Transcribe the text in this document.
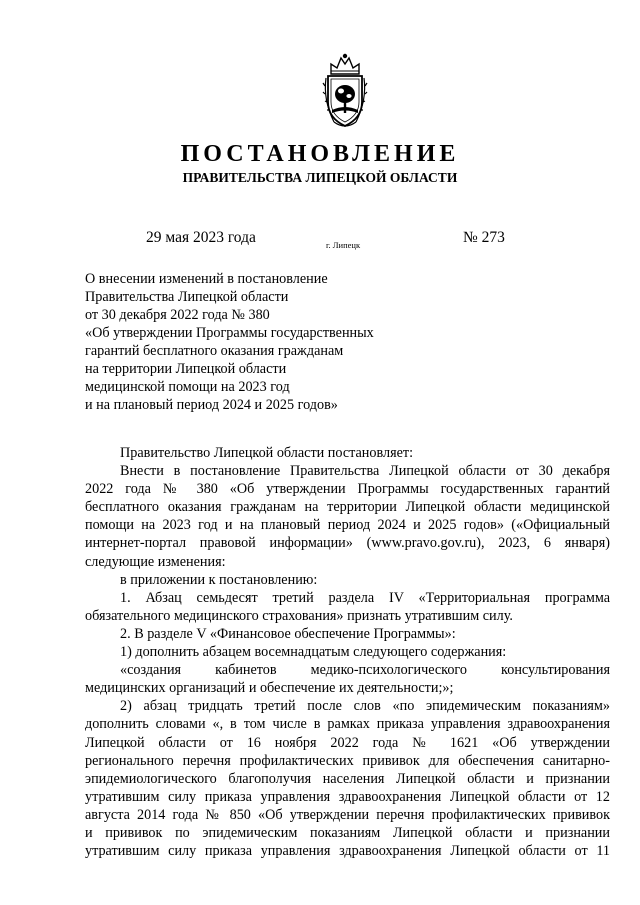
ПОСТАНОВЛЕНИЕ
ПРАВИТЕЛЬСТВА ЛИПЕЦКОЙ ОБЛАСТИ
29 мая 2023 года	г. Липецк	№ 273
О внесении изменений в постановление
Правительства Липецкой области
от 30 декабря 2022 года № 380
«Об утверждении Программы государственных
гарантий бесплатного оказания гражданам
на территории Липецкой области
медицинской помощи на 2023 год
и на плановый период 2024 и 2025 годов»
Правительство Липецкой области постановляет:
Внести в постановление Правительства Липецкой области от 30 декабря
2022 года № 380 «Об утверждении Программы государственных гарантий
бесплатного оказания гражданам на территории Липецкой области медицинской
помощи на 2023 год и на плановый период 2024 и 2025 годов» («Официальный
интернет-портал правовой информации» (www.pravo.gov.ru), 2023, 6 января)
следующие изменения:
в приложении к постановлению:
1. Абзац семьдесят третий раздела IV «Территориальная программа
обязательного медицинского страхования» признать утратившим силу.
2. В разделе V «Финансовое обеспечение Программы»:
1) дополнить абзацем восемнадцатым следующего содержания:
«создания кабинетов медико-психологического консультирования
медицинских организаций и обеспечение их деятельности;»;
2) абзац тридцать третий после слов «по эпидемическим показаниям»
дополнить словами «, в том числе в рамках приказа управления здравоохранения
Липецкой области от 16 ноября 2022 года № 1621 «Об утверждении
регионального перечня профилактических прививок для обеспечения санитарно-
эпидемиологического благополучия населения Липецкой области и признании
утратившим силу приказа управления здравоохранения Липецкой области от 12
августа 2014 года № 850 «Об утверждении перечня профилактических прививок
и прививок по эпидемическим показаниям Липецкой области и признании
утратившим силу приказа управления здравоохранения Липецкой области от 11
